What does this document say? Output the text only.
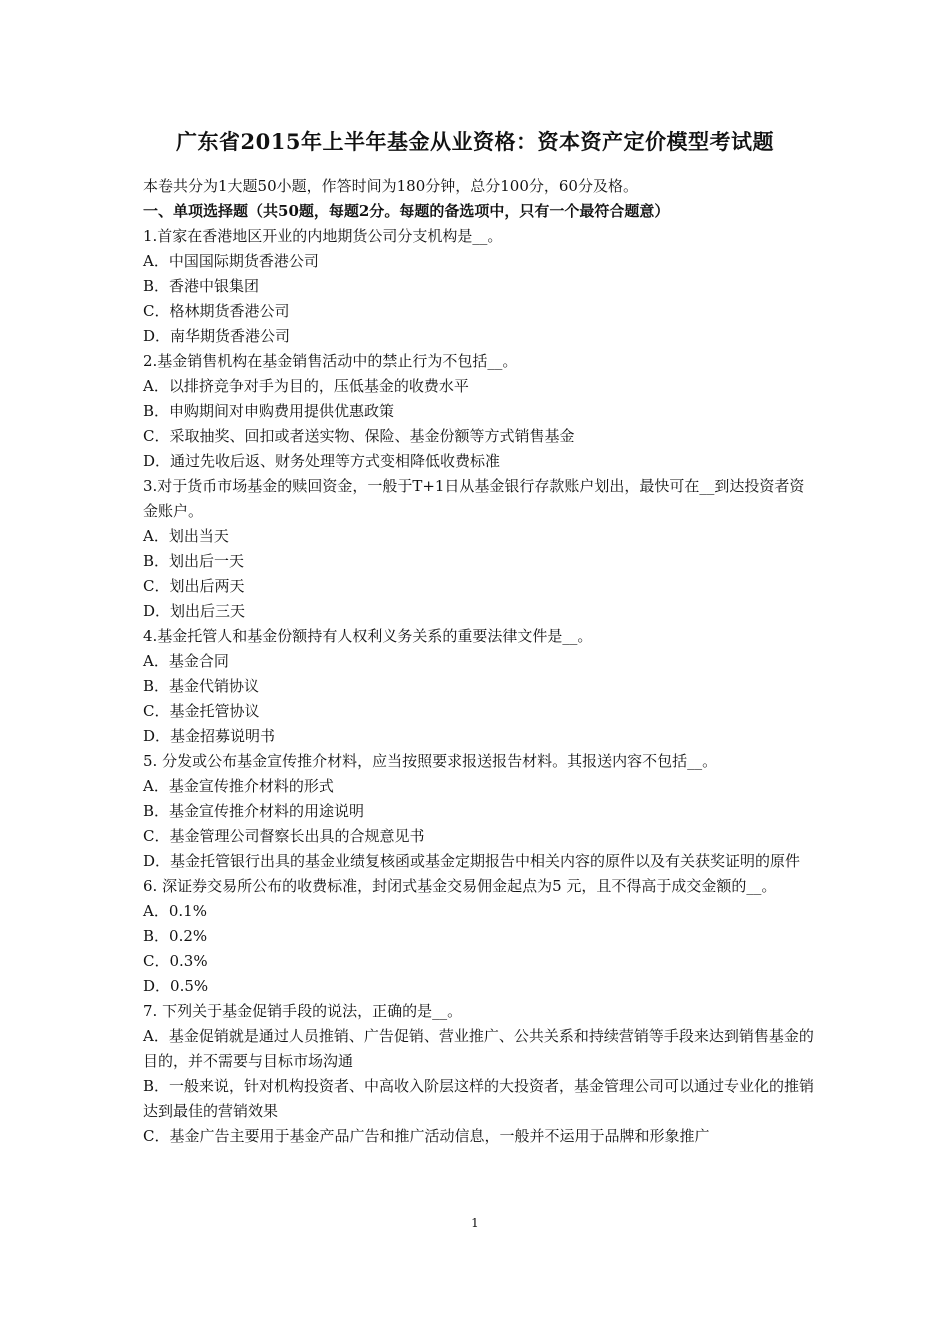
广东省2015年上半年基金从业资格：资本资产定价模型考试题
本卷共分为1大题50小题，作答时间为180分钟，总分100分，60分及格。
一、单项选择题（共50题，每题2分。每题的备选项中，只有一个最符合题意）
1.首家在香港地区开业的内地期货公司分支机构是__。
A．中国国际期货香港公司
B．香港中银集团
C．格林期货香港公司
D．南华期货香港公司
2.基金销售机构在基金销售活动中的禁止行为不包括__。
A．以排挤竞争对手为目的，压低基金的收费水平
B．申购期间对申购费用提供优惠政策
C．采取抽奖、回扣或者送实物、保险、基金份额等方式销售基金
D．通过先收后返、财务处理等方式变相降低收费标准
3.对于货币市场基金的赎回资金，一般于T+1日从基金银行存款账户划出，最快可在__到达投资者资金账户。
A．划出当天
B．划出后一天
C．划出后两天
D．划出后三天
4.基金托管人和基金份额持有人权利义务关系的重要法律文件是__。
A．基金合同
B．基金代销协议
C．基金托管协议
D．基金招募说明书
5. 分发或公布基金宣传推介材料，应当按照要求报送报告材料。其报送内容不包括__。
A．基金宣传推介材料的形式
B．基金宣传推介材料的用途说明
C．基金管理公司督察长出具的合规意见书
D．基金托管银行出具的基金业绩复核函或基金定期报告中相关内容的原件以及有关获奖证明的原件
6. 深证券交易所公布的收费标准，封闭式基金交易佣金起点为5 元，且不得高于成交金额的__。
A．0.1%
B．0.2%
C．0.3%
D．0.5%
7. 下列关于基金促销手段的说法，正确的是__。
A．基金促销就是通过人员推销、广告促销、营业推广、公共关系和持续营销等手段来达到销售基金的目的，并不需要与目标市场沟通
B．一般来说，针对机构投资者、中高收入阶层这样的大投资者，基金管理公司可以通过专业化的推销达到最佳的营销效果
C．基金广告主要用于基金产品广告和推广活动信息，一般并不运用于品牌和形象推广
1
